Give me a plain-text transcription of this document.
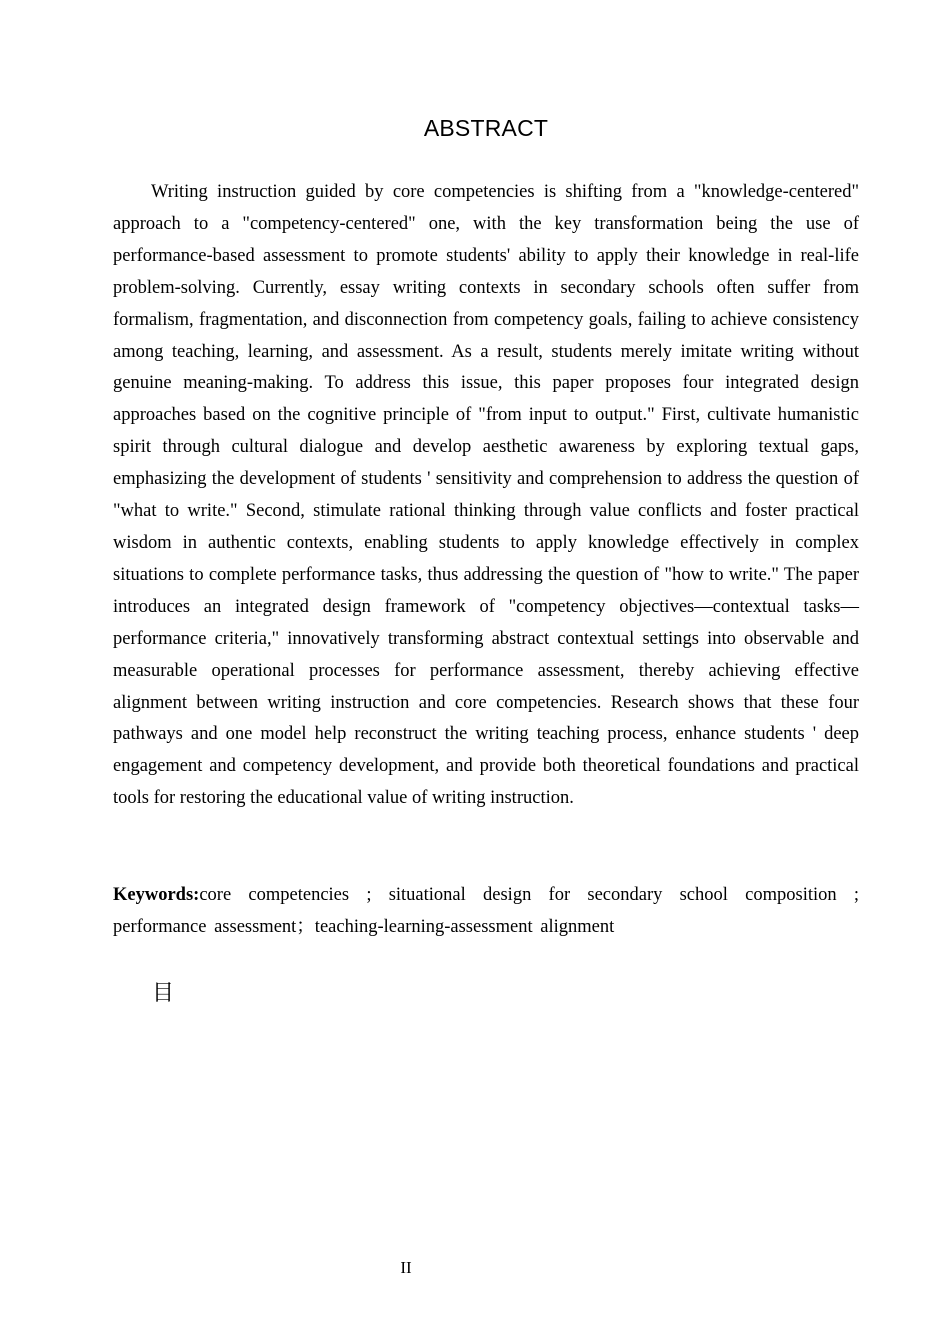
ABSTRACT

Writing instruction guided by core competencies is shifting from a "knowledge-centered" approach to a "competency-centered" one, with the key transformation being the use of performance-based assessment to promote students' ability to apply their knowledge in real-life problem-solving. Currently, essay writing contexts in secondary schools often suffer from formalism, fragmentation, and disconnection from competency goals, failing to achieve consistency among teaching, learning, and assessment. As a result, students merely imitate writing without genuine meaning-making. To address this issue, this paper proposes four integrated design approaches based on the cognitive principle of "from input to output." First, cultivate humanistic spirit through cultural dialogue and develop aesthetic awareness by exploring textual gaps, emphasizing the development of students ' sensitivity and comprehension to address the question of "what to write." Second, stimulate rational thinking through value conflicts and foster practical wisdom in authentic contexts, enabling students to apply knowledge effectively in complex situations to complete performance tasks, thus addressing the question of "how to write." The paper introduces an integrated design framework of "competency objectives—contextual tasks—performance criteria," innovatively transforming abstract contextual settings into observable and measurable operational processes for performance assessment, thereby achieving effective alignment between writing instruction and core competencies. Research shows that these four pathways and one model help reconstruct the writing teaching process, enhance students ' deep engagement and competency development, and provide both theoretical foundations and practical tools for restoring the educational value of writing instruction.

Keywords:core competencies ; situational design for secondary school composition ; performance assessment；teaching-learning-assessment alignment

目
II
